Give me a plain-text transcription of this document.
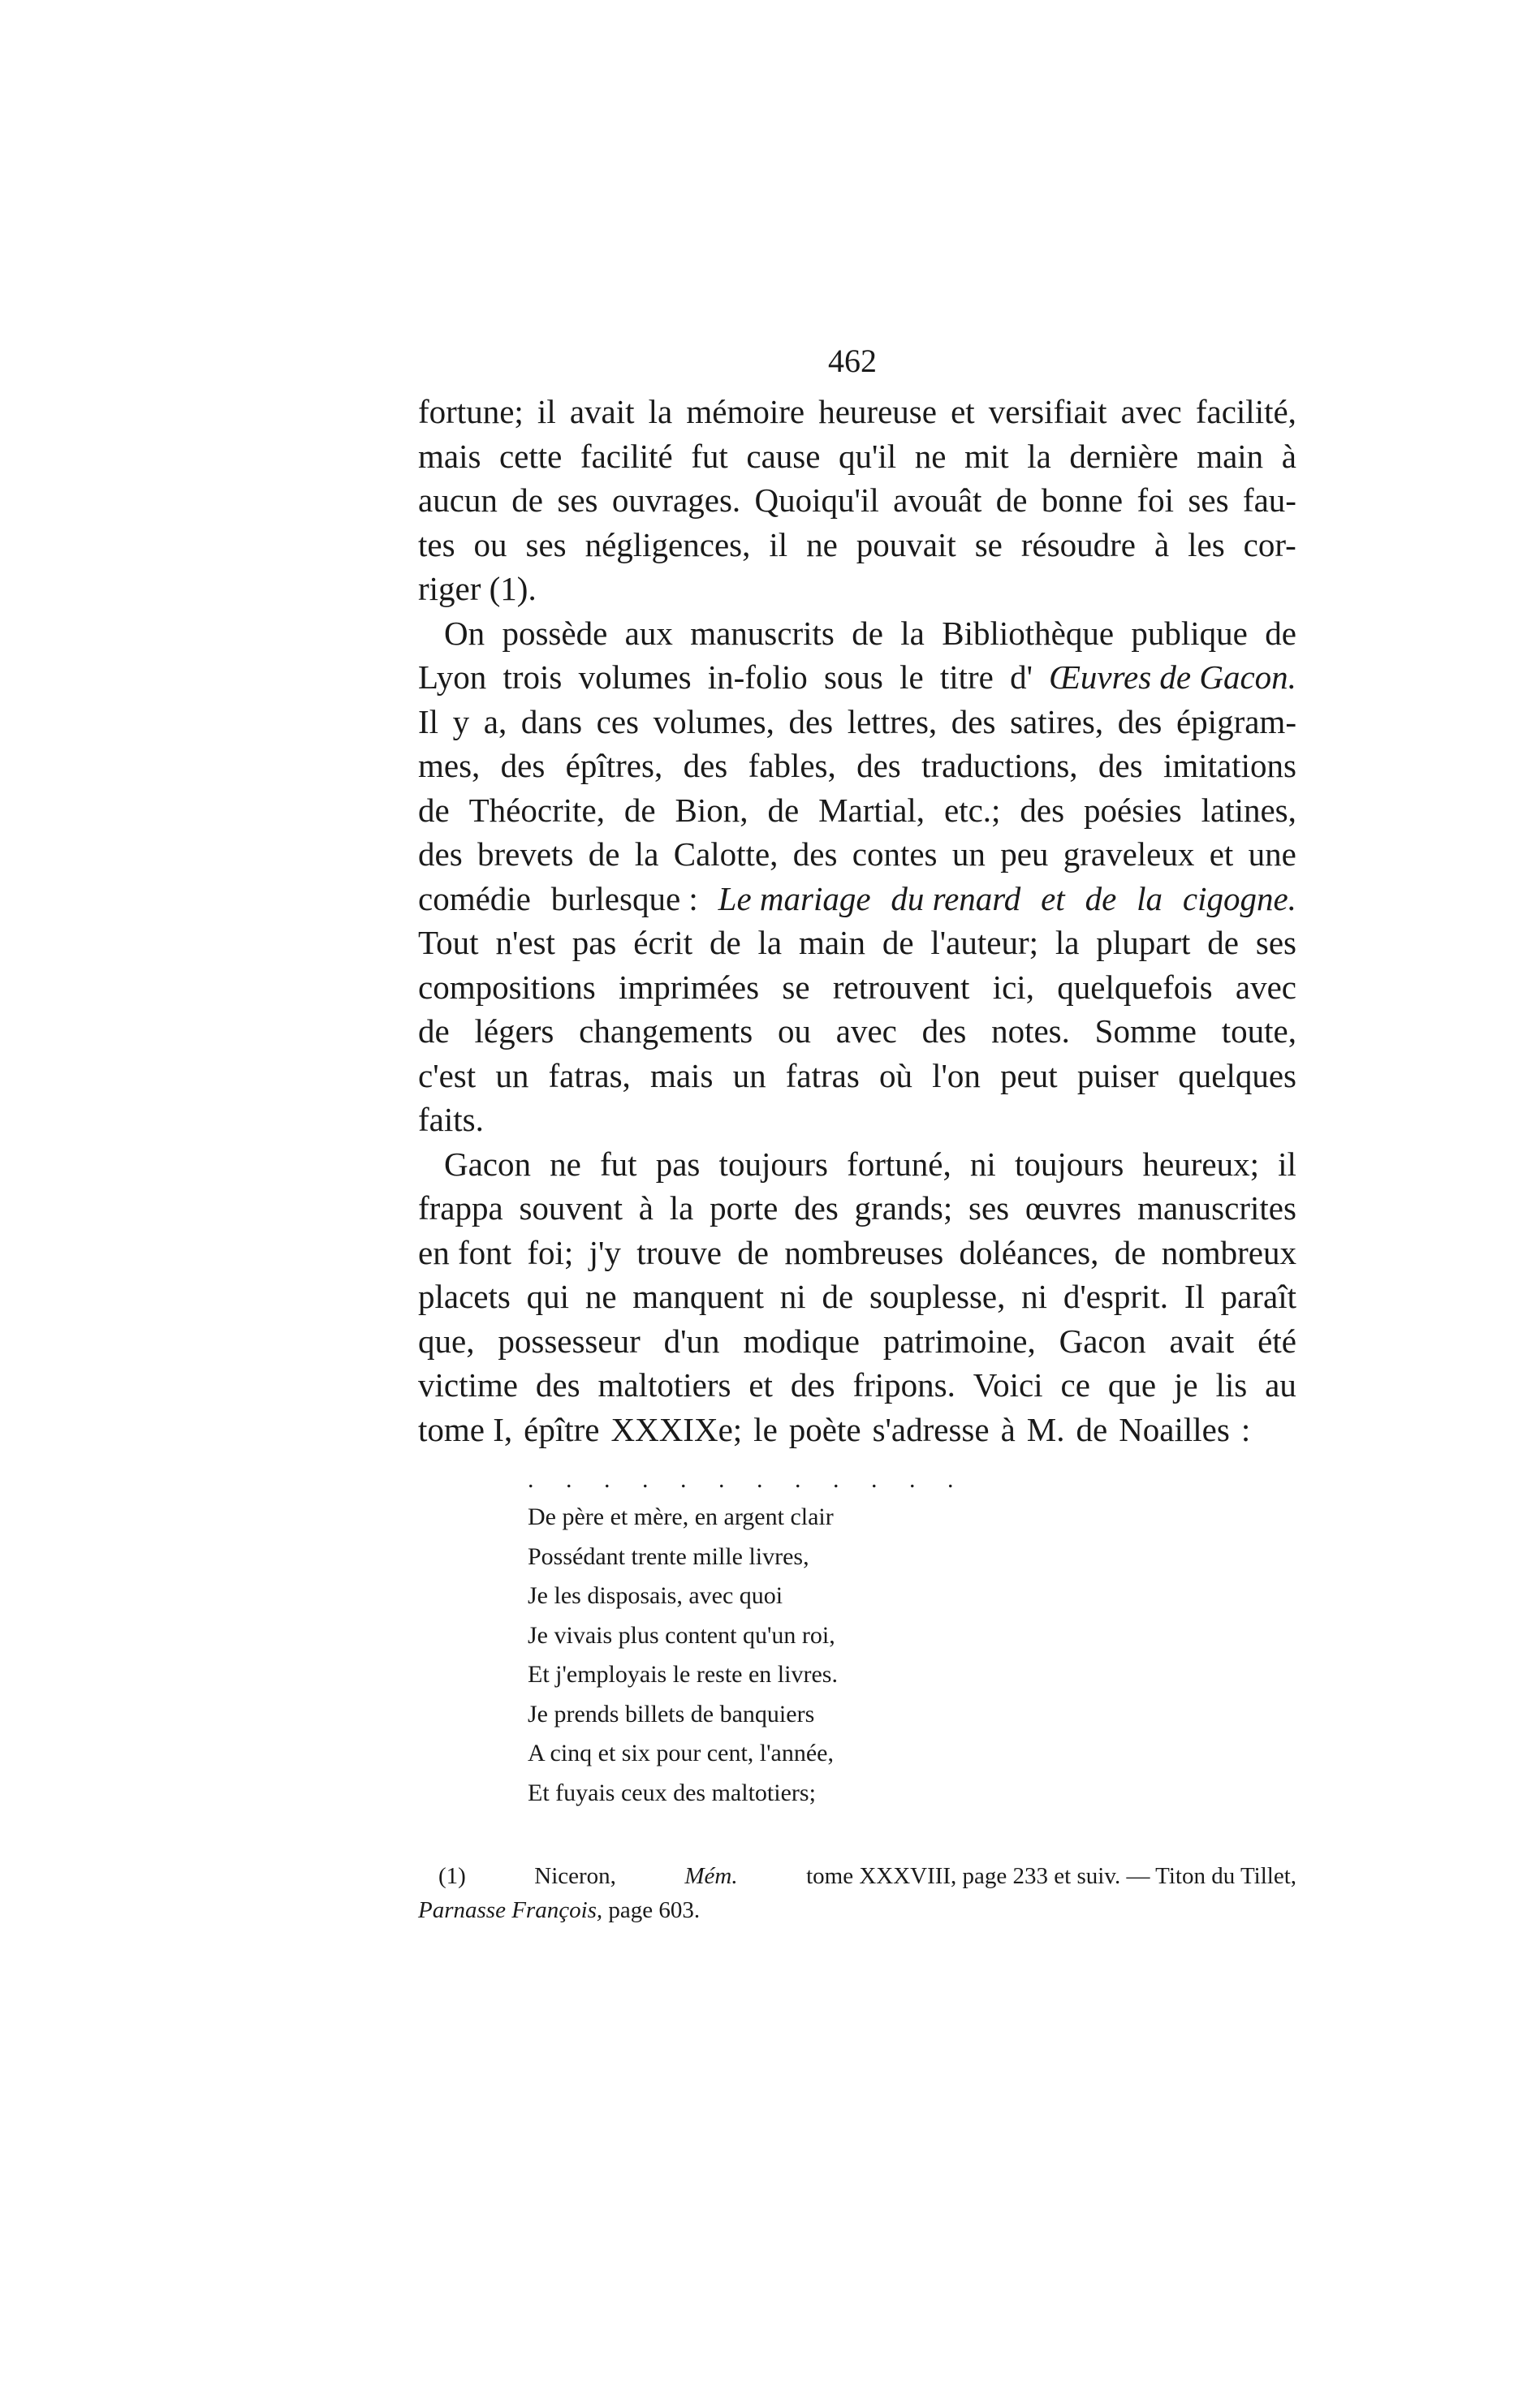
462
fortune; il avait la mémoire heureuse et versifiait avec facilité,
mais cette facilité fut cause qu'il ne mit la dernière main à
aucun de ses ouvrages. Quoiqu'il avouât de bonne foi ses fau-
tes ou ses négligences, il ne pouvait se résoudre à les cor-
riger (1).
On possède aux manuscrits de la Bibliothèque publique de
Lyon trois volumes in-folio sous le titre d' Œuvres de Gacon.
Il y a, dans ces volumes, des lettres, des satires, des épigram-
mes, des épîtres, des fables, des traductions, des imitations
de Théocrite, de Bion, de Martial, etc.; des poésies latines,
des brevets de la Calotte, des contes un peu graveleux et une
comédie burlesque : Le mariage du renard et de la cigogne.
Tout n'est pas écrit de la main de l'auteur; la plupart de ses
compositions imprimées se retrouvent ici, quelquefois avec
de légers changements ou avec des notes. Somme toute,
c'est un fatras, mais un fatras où l'on peut puiser quelques
faits.
Gacon ne fut pas toujours fortuné, ni toujours heureux; il
frappa souvent à la porte des grands; ses œuvres manuscrites
en font foi; j'y trouve de nombreuses doléances, de nombreux
placets qui ne manquent ni de souplesse, ni d'esprit. Il paraît
que, possesseur d'un modique patrimoine, Gacon avait été
victime des maltotiers et des fripons. Voici ce que je lis au
tome I, épître XXXIXe; le poète s'adresse à M. de Noailles :
. . . . . . . . . . . .
De père et mère, en argent clair
Possédant trente mille livres,
Je les disposais, avec quoi
Je vivais plus content qu'un roi,
Et j'employais le reste en livres.
Je prends billets de banquiers
A cinq et six pour cent, l'année,
Et fuyais ceux des maltotiers;
(1)	Niceron,	Mém.	tome XXXVIII, page 233 et suiv. — Titon du Tillet,
Parnasse François, page 603.
